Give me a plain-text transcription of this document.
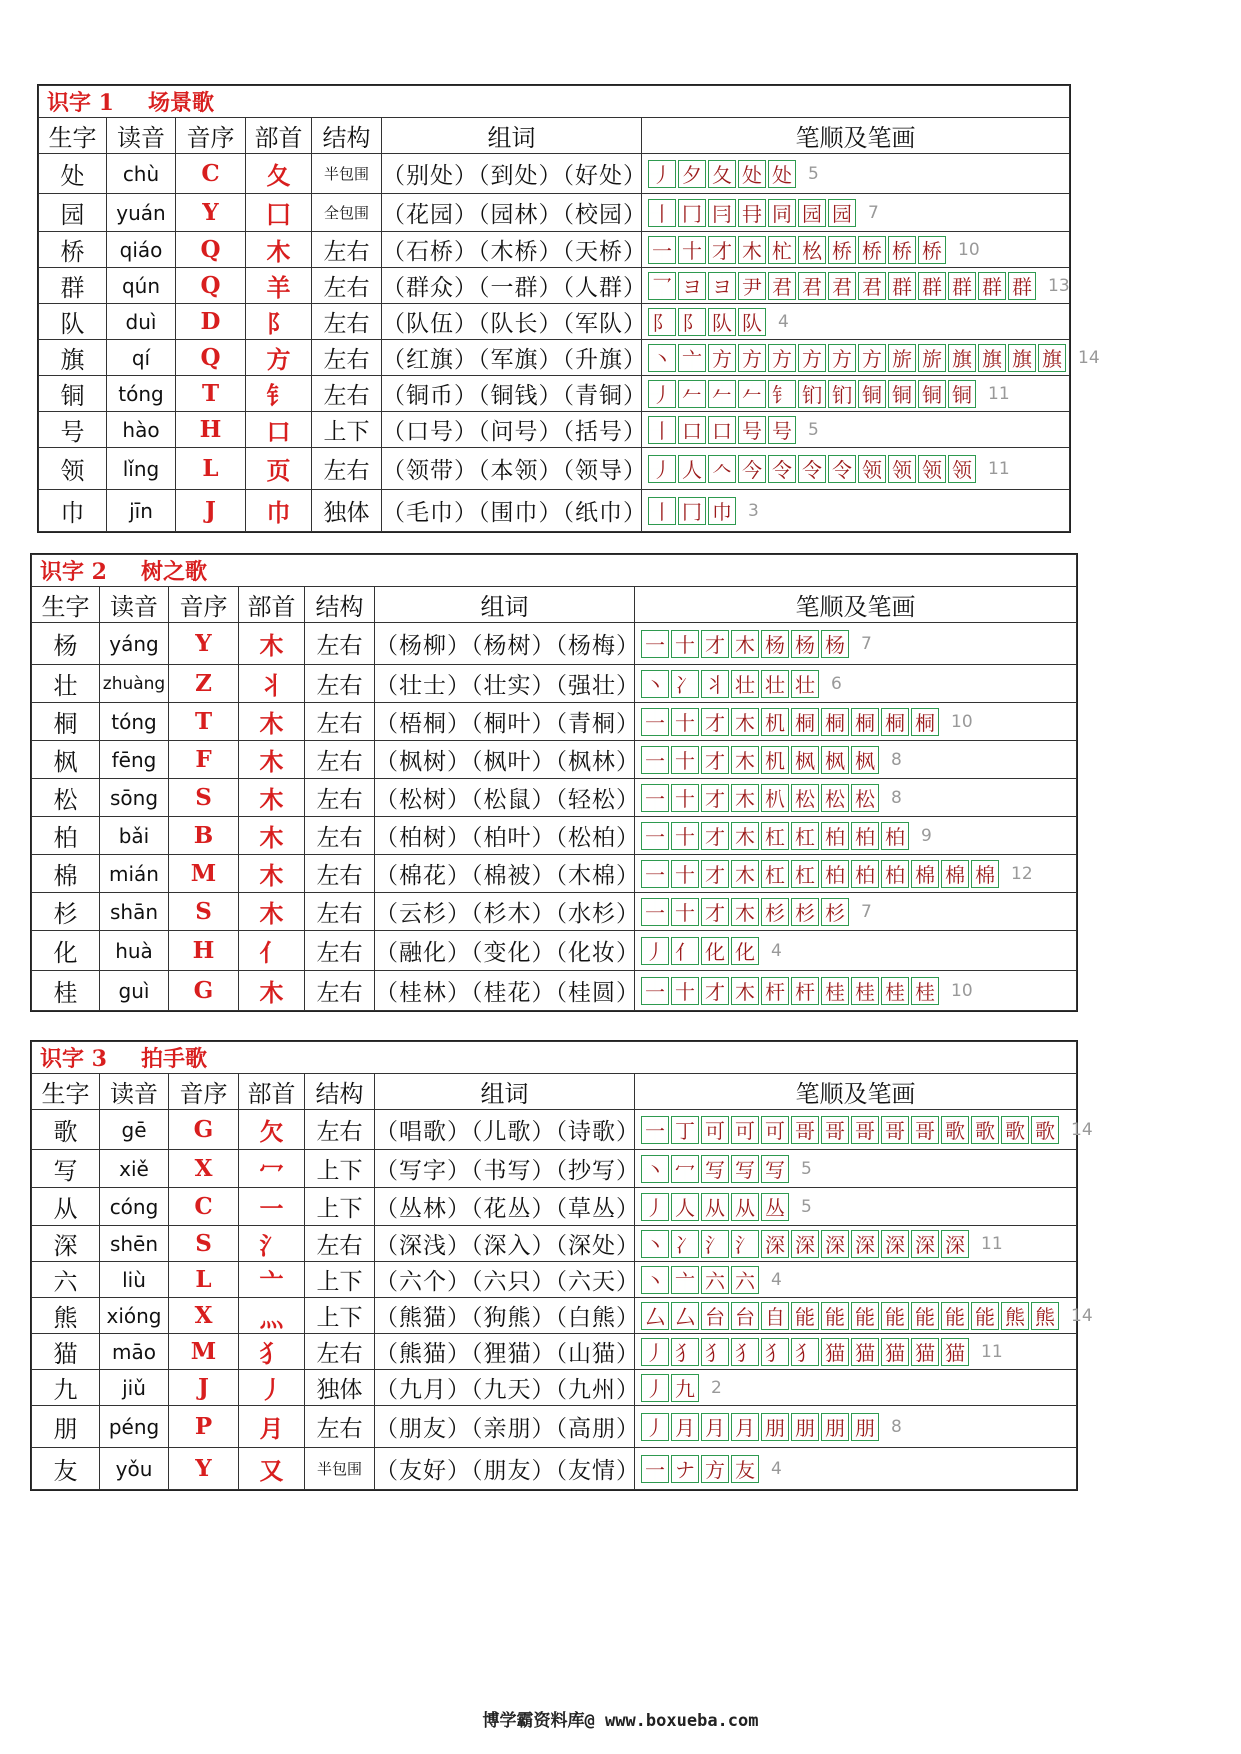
识字 1 场景歌						
生字	读音	音序	部首	结构	组词	笔顺及笔画
处	chù	C	夂	半包围	（别处）（到处）（好处）	丿 夕 夂 处 处 5
园	yuán	Y	囗	全包围	（花园）（园林）（校园）	丨 冂 冃 冄 同 园 园 7
桥	qiáo	Q	木	左右	（石桥）（木桥）（天桥）	一 十 才 木 杧 㭃 桥 桥 桥 桥 10
群	qún	Q	羊	左右	（群众）（一群）（人群）	乛 ヨ ヨ 尹 君 君 君 君 群 群 群 群 群 13
队	duì	D	阝	左右	（队伍）（队长）（军队）	阝 阝 队 队 4
旗	qí	Q	方	左右	（红旗）（军旗）（升旗）	丶 亠 方 方 方 方 方 方 旂 旂 旗 旗 旗 旗 14
铜	tóng	T	钅	左右	（铜币）（铜钱）（青铜）	丿 𠂉 𠂉 𠂉 钅 钔 钔 铜 铜 铜 铜 11
号	hào	H	口	上下	（口号）（问号）（括号）	丨 口 口 号 号 5
领	lǐng	L	页	左右	（领带）（本领）（领导）	丿 人 𠆢 今 令 令 令 领 领 领 领 11
巾	jīn	J	巾	独体	（毛巾）（围巾）（纸巾）	丨 冂 巾 3
识字 2 树之歌						
生字	读音	音序	部首	结构	组词	笔顺及笔画
杨	yáng	Y	木	左右	（杨柳）（杨树）（杨梅）	一 十 才 木 杨 杨 杨 7
壮	zhuàng	Z	丬	左右	（壮士）（壮实）（强壮）	丶 冫 丬 壮 壮 壮 6
桐	tóng	T	木	左右	（梧桐）（桐叶）（青桐）	一 十 才 木 机 桐 桐 桐 桐 桐 10
枫	fēng	F	木	左右	（枫树）（枫叶）（枫林）	一 十 才 木 机 枫 枫 枫 8
松	sōng	S	木	左右	（松树）（松鼠）（轻松）	一 十 才 木 朳 松 松 松 8
柏	bǎi	B	木	左右	（柏树）（柏叶）（松柏）	一 十 才 木 杠 杠 柏 柏 柏 9
棉	mián	M	木	左右	（棉花）（棉被）（木棉）	一 十 才 木 杠 杠 柏 柏 柏 棉 棉 棉 12
杉	shān	S	木	左右	（云杉）（杉木）（水杉）	一 十 才 木 杉 杉 杉 7
化	huà	H	亻	左右	（融化）（变化）（化妆）	丿 亻 化 化 4
桂	guì	G	木	左右	（桂林）（桂花）（桂圆）	一 十 才 木 杆 杆 桂 桂 桂 桂 10
识字 3 拍手歌						
生字	读音	音序	部首	结构	组词	笔顺及笔画
歌	gē	G	欠	左右	（唱歌）（儿歌）（诗歌）	一 丁 可 可 可 哥 哥 哥 哥 哥 歌 歌 歌 歌 14
写	xiě	X	冖	上下	（写字）（书写）（抄写）	丶 冖 写 写 写 5
从	cóng	C	一	上下	（丛林）（花丛）（草丛）	丿 人 从 从 丛 5
深	shēn	S	氵	左右	（深浅）（深入）（深处）	丶 冫 氵 氵 深 深 深 深 深 深 深 11
六	liù	L	亠	上下	（六个）（六只）（六天）	丶 亠 六 六 4
熊	xióng	X	灬	上下	（熊猫）（狗熊）（白熊）	厶 厶 台 台 自 能 能 能 能 能 能 能 熊 熊 14
猫	māo	M	犭	左右	（熊猫）（狸猫）（山猫）	丿 犭 犭 犭 犭 犭 猫 猫 猫 猫 猫 11
九	jiǔ	J	丿	独体	（九月）（九天）（九州）	丿 九 2
朋	péng	P	月	左右	（朋友）（亲朋）（高朋）	丿 月 月 月 朋 朋 朋 朋 8
友	yǒu	Y	又	半包围	（友好）（朋友）（友情）	一 ナ 方 友 4
博学霸资料库@ www.boxueba.com
